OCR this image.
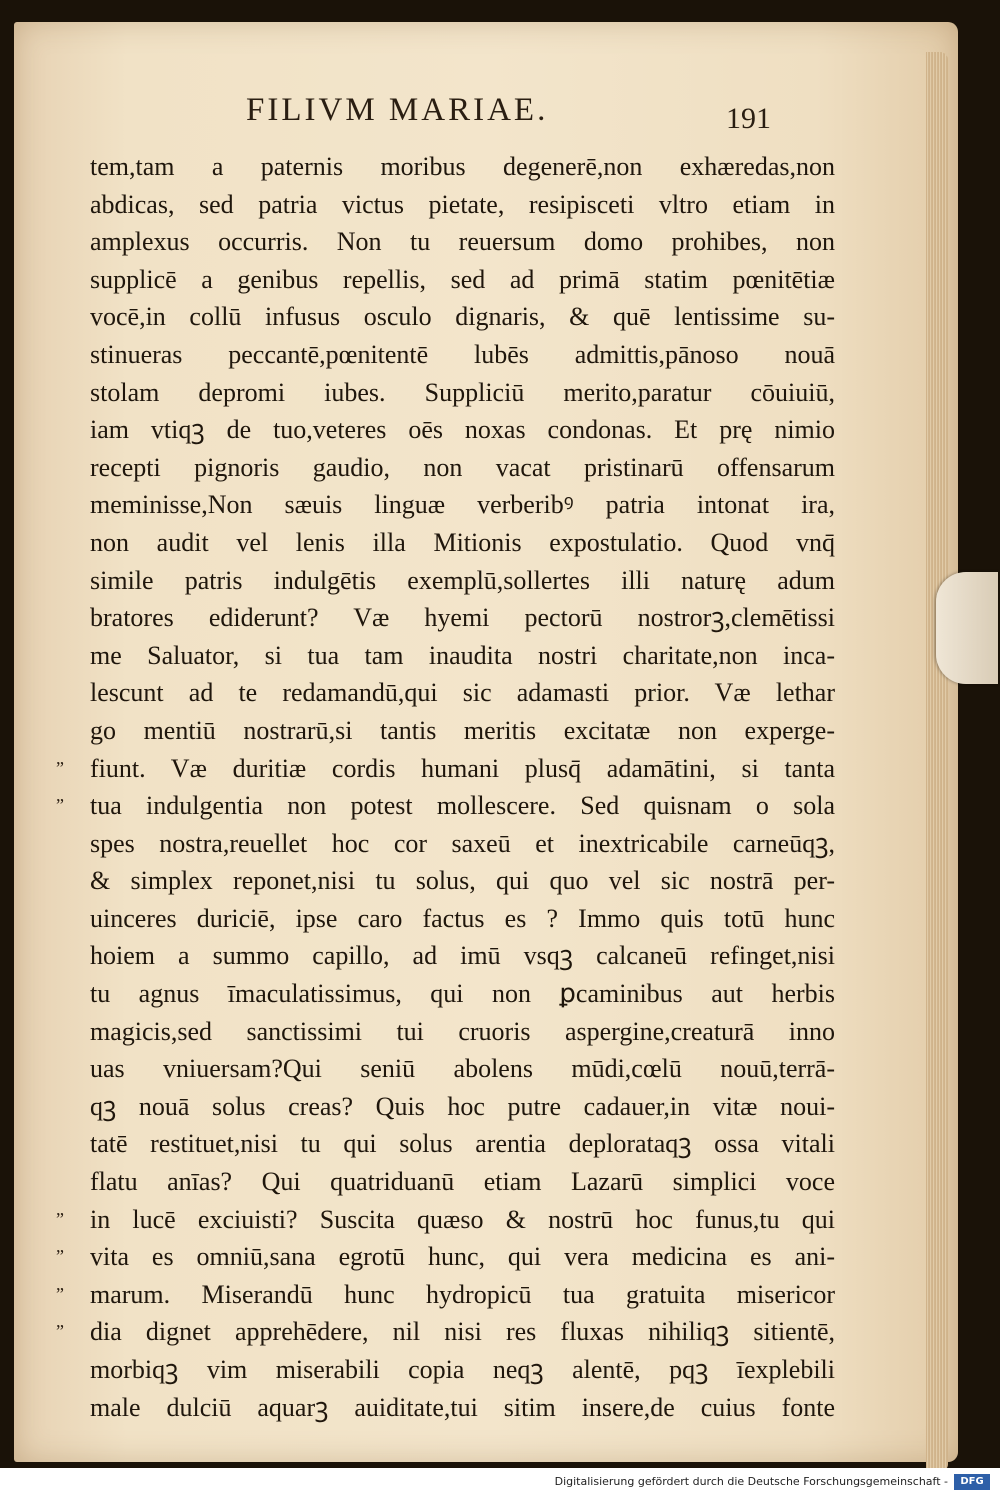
FILIVM MARIAE.	191
tem,tam a paternis moribus degenerē,non exhæredas,non
abdicas, sed patria victus pietate, resipisceti vltro etiam in
amplexus occurris. Non tu reuersum domo prohibes, non
supplicē a genibus repellis, sed ad primā statim pœnitētiæ
vocē,in collū infusus osculo dignaris, & quē lentissime su-
stinueras peccantē,pœnitentē lubēs admittis,pānoso nouā
stolam depromi iubes. Suppliciū merito,paratur cōuiuiū,
iam vtiqꝫ de tuo,veteres oēs noxas condonas. Et prę nimio
recepti pignoris gaudio, non vacat pristinarū offensarum
meminisse,Non sæuis linguæ verberibꝰ patria intonat ira,
non audit vel lenis illa Mitionis expostulatio. Quod vnq̄
simile patris indulgētis exemplū,sollertes illi naturę adum
bratores ediderunt? Væ hyemi pectorū nostrorꝫ,clemētissi
me Saluator, si tua tam inaudita nostri charitate,non inca-
lescunt ad te redamandū,qui sic adamasti prior. Væ lethar
go mentiū nostrarū,si tantis meritis excitatæ non experge-
”	fiunt. Væ duritiæ cordis humani plusq̄ adamātini, si tanta
”	tua indulgentia non potest mollescere. Sed quisnam o sola
spes nostra,reuellet hoc cor saxeū et inextricabile carneūqꝫ,
& simplex reponet,nisi tu solus, qui quo vel sic nostrā per-
uinceres duriciē, ipse caro factus es ? Immo quis totū hunc
hoiem a summo capillo, ad imū vsqꝫ calcaneū refinget,nisi
tu agnus īmaculatissimus, qui non ꝑcaminibus aut herbis
magicis,sed sanctissimi tui cruoris aspergine,creaturā inno
uas vniuersam?Qui seniū abolens mūdi,cœlū nouū,terrā-
qꝫ nouā solus creas? Quis hoc putre cadauer,in vitæ noui-
tatē restituet,nisi tu qui solus arentia deplorataqꝫ ossa vitali
flatu anīas? Qui quatriduanū etiam Lazarū simplici voce
”	in lucē exciuisti? Suscita quæso & nostrū hoc funus,tu qui
”	vita es omniū,sana egrotū hunc, qui vera medicina es ani-
”	marum. Miserandū hunc hydropicū tua gratuita misericor
”	dia dignet apprehēdere, nil nisi res fluxas nihiliqꝫ sitientē,
morbiqꝫ vim miserabili copia neqꝫ alentē, pqꝫ īexplebili
male dulciū aquarꝫ auiditate,tui sitim insere,de cuius fonte
Digitalisierung gefördert durch die Deutsche Forschungsgemeinschaft -	DFG
